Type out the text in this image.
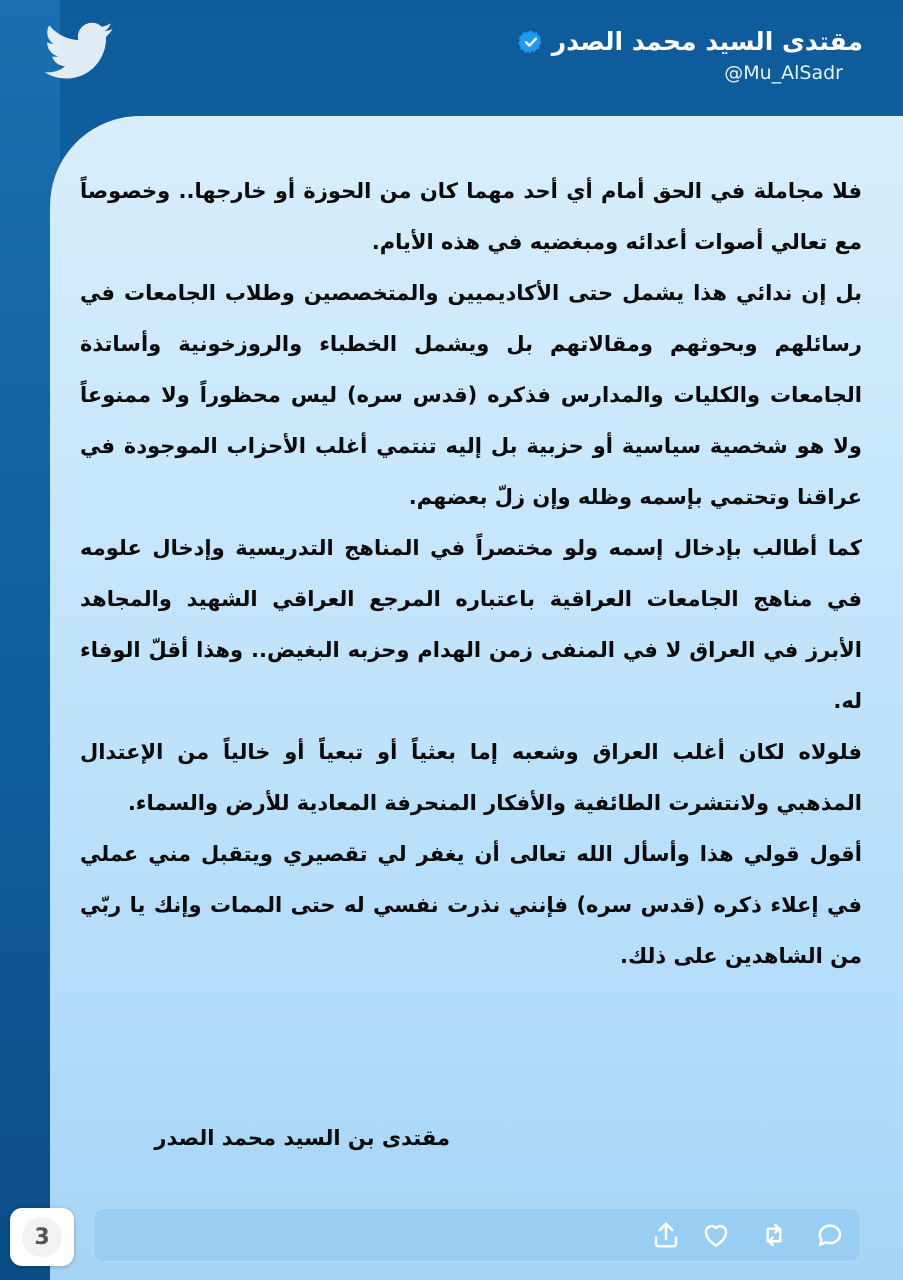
مقتدى السيد محمد الصدر
@Mu_AlSadr

فلا مجاملة في الحق أمام أي أحد مهما كان من الحوزة أو خارجها.. وخصوصاً مع تعالي أصوات أعدائه ومبغضيه في هذه الأيام.

بل إن ندائي هذا يشمل حتى الأكاديميين والمتخصصين وطلاب الجامعات في رسائلهم وبحوثهم ومقالاتهم بل ويشمل الخطباء والروزخونية وأساتذة الجامعات والكليات والمدارس فذكره (قدس سره) ليس محظوراً ولا ممنوعاً ولا هو شخصية سياسية أو حزبية بل إليه تنتمي أغلب الأحزاب الموجودة في عراقنا وتحتمي بإسمه وظله وإن زلّ بعضهم.

كما أطالب بإدخال إسمه ولو مختصراً في المناهج التدريسية وإدخال علومه في مناهج الجامعات العراقية باعتباره المرجع العراقي الشهيد والمجاهد الأبرز في العراق لا في المنفى زمن الهدام وحزبه البغيض.. وهذا أقلّ الوفاء له.

فلولاه لكان أغلب العراق وشعبه إما بعثياً أو تبعياً أو خالياً من الإعتدال المذهبي ولانتشرت الطائفية والأفكار المنحرفة المعادية للأرض والسماء.

أقول قولي هذا وأسأل الله تعالى أن يغفر لي تقصيري ويتقبل مني عملي في إعلاء ذكره (قدس سره) فإنني نذرت نفسي له حتى الممات وإنك يا ربّي من الشاهدين على ذلك.

مقتدى بن السيد محمد الصدر
3
